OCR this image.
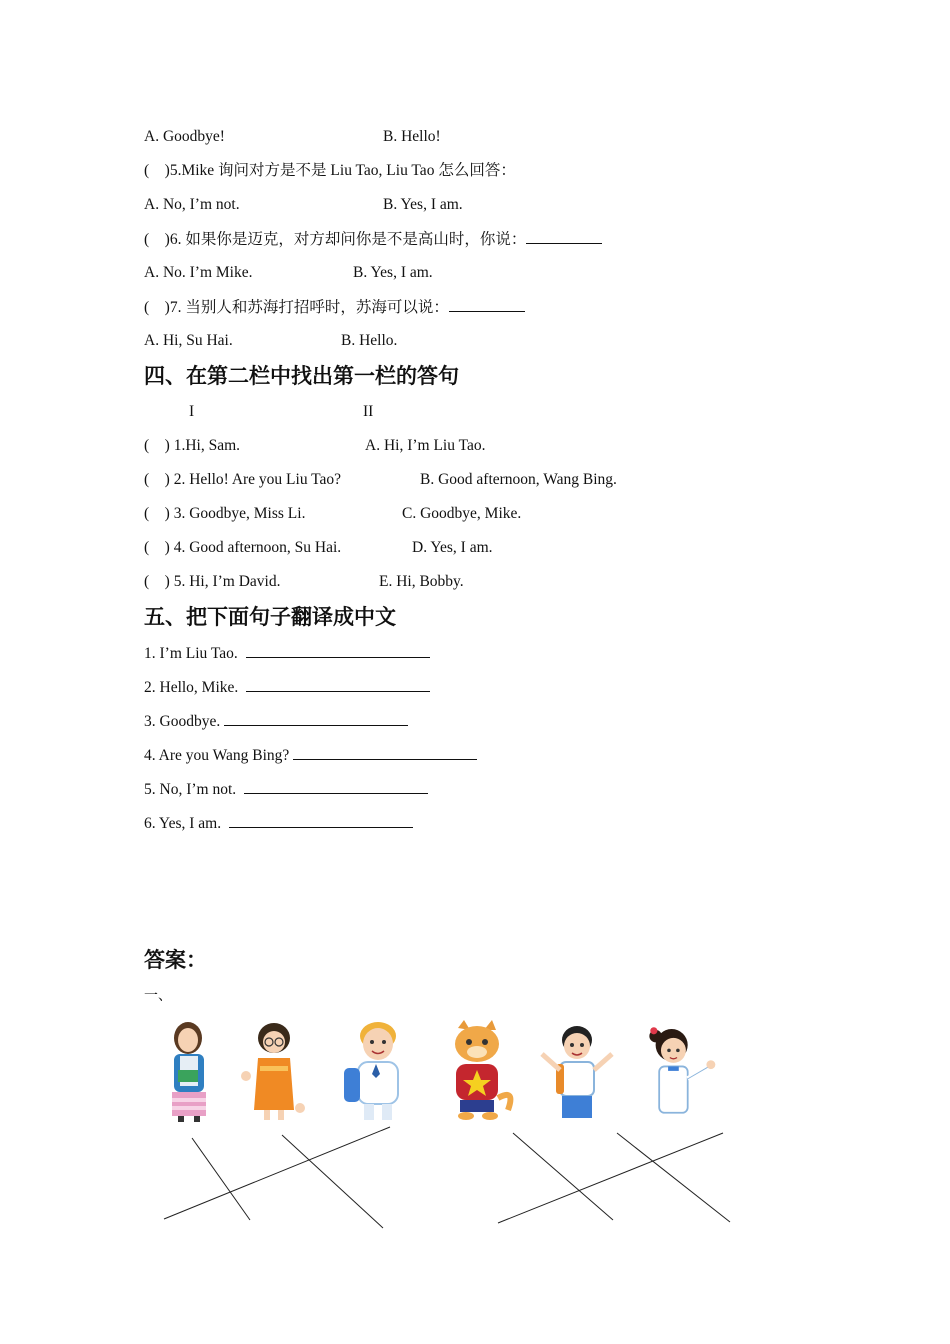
A. Goodbye!	B. Hello!
(    )5.Mike 询问对方是不是 Liu Tao, Liu Tao 怎么回答：
A. No, I’m not.	B. Yes, I am.
(    )6. 如果你是迈克，对方却问你是不是高山时，你说：
A. No. I’m Mike.	B. Yes, I am.
(    )7. 当别人和苏海打招呼时，苏海可以说：
A. Hi, Su Hai.	B. Hello.
四、在第二栏中找出第一栏的答句
I	II
(    ) 1.Hi, Sam.	A. Hi, I’m Liu Tao.
(    ) 2. Hello! Are you Liu Tao?	B. Good afternoon, Wang Bing.
(    ) 3. Goodbye, Miss Li.	C. Goodbye, Mike.
(    ) 4. Good afternoon, Su Hai.	D. Yes, I am.
(    ) 5. Hi, I’m David.	E. Hi, Bobby.
五、把下面句子翻译成中文
1. I’m Liu Tao.
2. Hello, Mike.
3. Goodbye.
4. Are you Wang Bing?
5. No, I’m not.
6. Yes, I am.
答案：
一、
